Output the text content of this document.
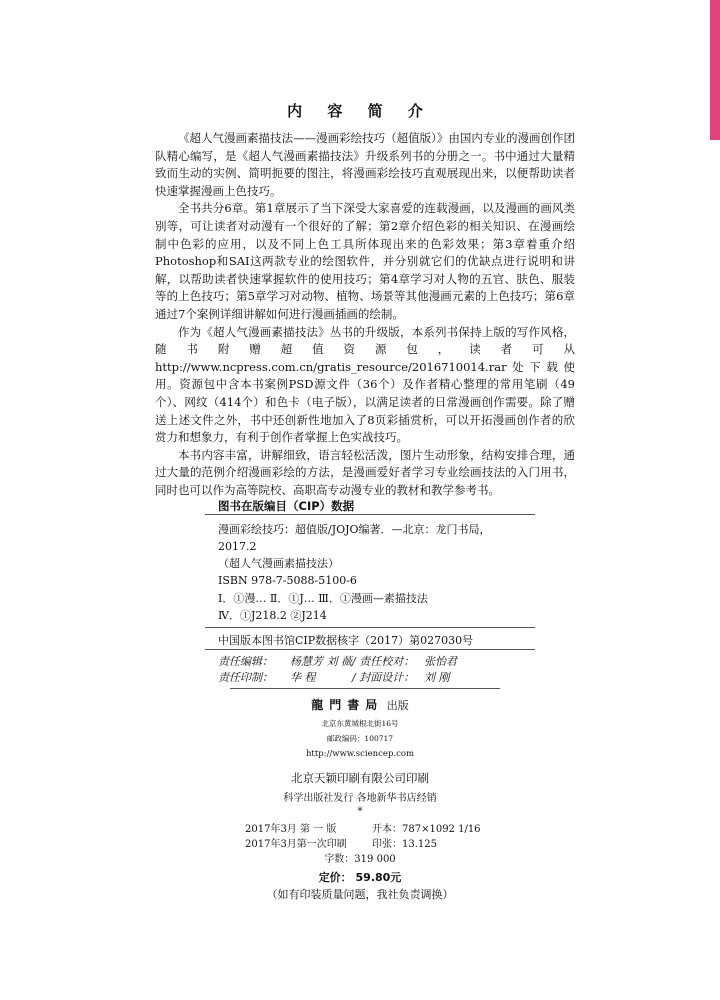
内 容 简 介

《超人气漫画素描技法——漫画彩绘技巧（超值版）》由国内专业的漫画创作团队精心编写，是《超人气漫画素描技法》升级系列书的分册之一。书中通过大量精致而生动的实例、简明扼要的图注，将漫画彩绘技巧直观展现出来，以便帮助读者快速掌握漫画上色技巧。

全书共分6章。第1章展示了当下深受大家喜爱的连载漫画，以及漫画的画风类别等，可让读者对动漫有一个很好的了解；第2章介绍色彩的相关知识、在漫画绘制中色彩的应用，以及不同上色工具所体现出来的色彩效果；第3章着重介绍Photoshop和SAI这两款专业的绘图软件，并分别就它们的优缺点进行说明和讲解，以帮助读者快速掌握软件的使用技巧；第4章学习对人物的五官、肤色、服装等的上色技巧；第5章学习对动物、植物、场景等其他漫画元素的上色技巧；第6章通过7个案例详细讲解如何进行漫画插画的绘制。

作为《超人气漫画素描技法》丛书的升级版，本系列书保持上版的写作风格，随书附赠超值资源包，读者可从http://www.ncpress.com.cn/gratis_resource/2016710014.rar处下载使用。资源包中含本书案例PSD源文件（36个）及作者精心整理的常用笔刷（49个）、网纹（414个）和色卡（电子版），以满足读者的日常漫画创作需要。除了赠送上述文件之外，书中还创新性地加入了8页彩插赏析，可以开拓漫画创作者的欣赏力和想象力，有利于创作者掌握上色实战技巧。

本书内容丰富，讲解细致，语言轻松活泼，图片生动形象，结构安排合理，通过大量的范例介绍漫画彩绘的方法，是漫画爱好者学习专业绘画技法的入门用书，同时也可以作为高等院校、高职高专动漫专业的教材和教学参考书。

图书在版编目（CIP）数据
漫画彩绘技巧：超值版/JOJO编著．—北京：龙门书局，
2017.2
（超人气漫画素描技法）
ISBN 978-7-5088-5100-6
Ⅰ．①漫… Ⅱ．①J… Ⅲ．①漫画—素描技法
Ⅳ．①J218.2 ②J214
中国版本图书馆CIP数据核字（2017）第027030号
责任编辑： 杨慧芳 刘 薇/ 责任校对： 张怡君
责任印制： 华 程	/ 封面设计： 刘 刚
龍門書局 出版
北京东黄城根北街16号
邮政编码：100717
http://www.sciencep.com
北京天颖印刷有限公司印刷
科学出版社发行 各地新华书店经销
*
2017年3月 第 一 版
2017年3月第一次印刷
开本：787×1092 1/16
印张：13.125
字数：319 000
定价： 59.80元
（如有印装质量问题，我社负责调换）
